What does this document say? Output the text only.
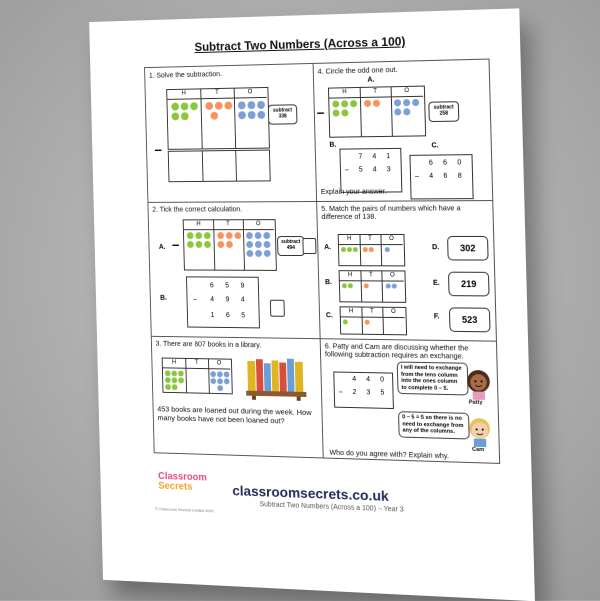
Subtract Two Numbers (Across a 100)
1. Solve the subtraction.
H	T	O
subtract
338
–
4. Circle the odd one out.
A.
H	T	O
–	subtract
258
B.
7 4 1
– 5 4 3
C.
6 6 0
– 4 6 8
Explain your answer.
2. Tick the correct calculation.
A. –
H	T	O
subtract
494
B.
6 5 9
– 4 9 4
1 6 5
5. Match the pairs of numbers which have a difference of 138.
A.
H	T	O
B.
H	T	O
C.
H	T	O
D.	302
E.	219
F.	523
3. There are 807 books in a library.
H	T	O
453 books are loaned out during the week. How many books have not been loaned out?
6. Patty and Cam are discussing whether the following subtraction requires an exchange.
4 4 0
– 2 3 5
I will need to exchange from the tens column into the ones column to complete 0 – 5.
Patty
0 – 5 = 5 so there is no need to exchange from any of the columns.
Cam
Who do you agree with? Explain why.
Classroom
Secrets
© Classroom Secrets Limited 2020
classroomsecrets.co.uk
Subtract Two Numbers (Across a 100) – Year 3
